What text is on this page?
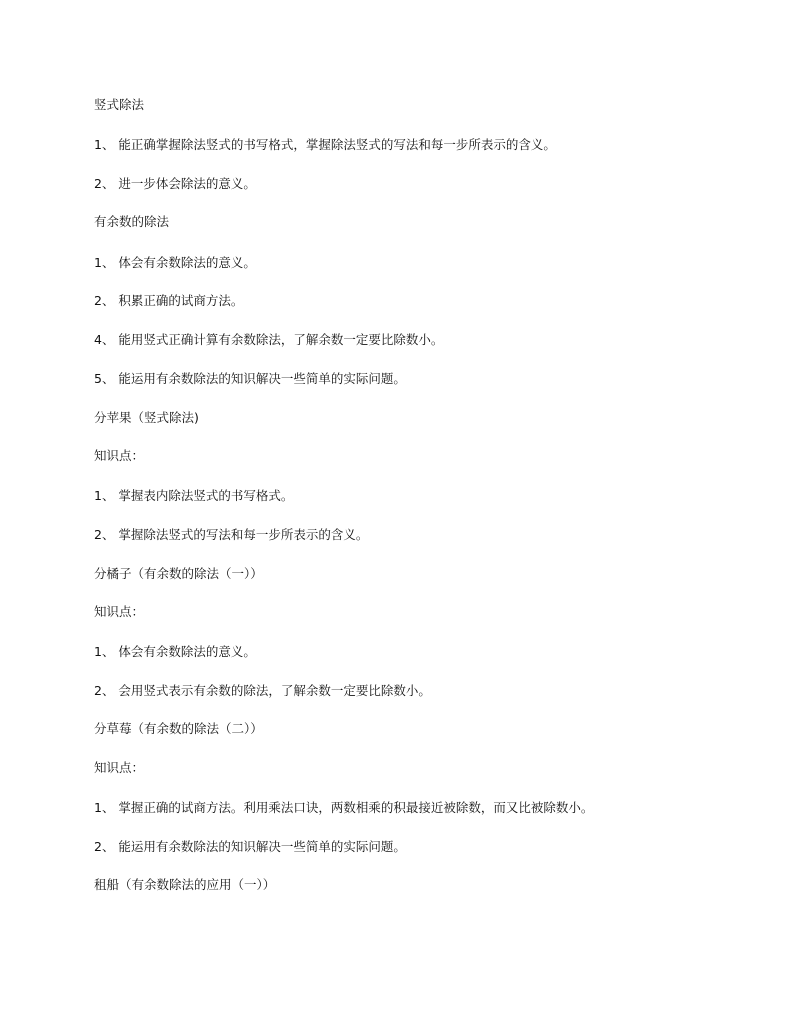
竖式除法
1、 能正确掌握除法竖式的书写格式，掌握除法竖式的写法和每一步所表示的含义。
2、 进一步体会除法的意义。
有余数的除法
1、 体会有余数除法的意义。
2、 积累正确的试商方法。
4、 能用竖式正确计算有余数除法，了解余数一定要比除数小。
5、 能运用有余数除法的知识解决一些简单的实际问题。
分苹果（竖式除法)
知识点：
1、 掌握表内除法竖式的书写格式。
2、 掌握除法竖式的写法和每一步所表示的含义。
分橘子（有余数的除法（一））
知识点：
1、 体会有余数除法的意义。
2、 会用竖式表示有余数的除法，了解余数一定要比除数小。
分草莓（有余数的除法（二））
知识点：
1、 掌握正确的试商方法。利用乘法口诀，两数相乘的积最接近被除数，而又比被除数小。
2、 能运用有余数除法的知识解决一些简单的实际问题。
租船（有余数除法的应用（一））
